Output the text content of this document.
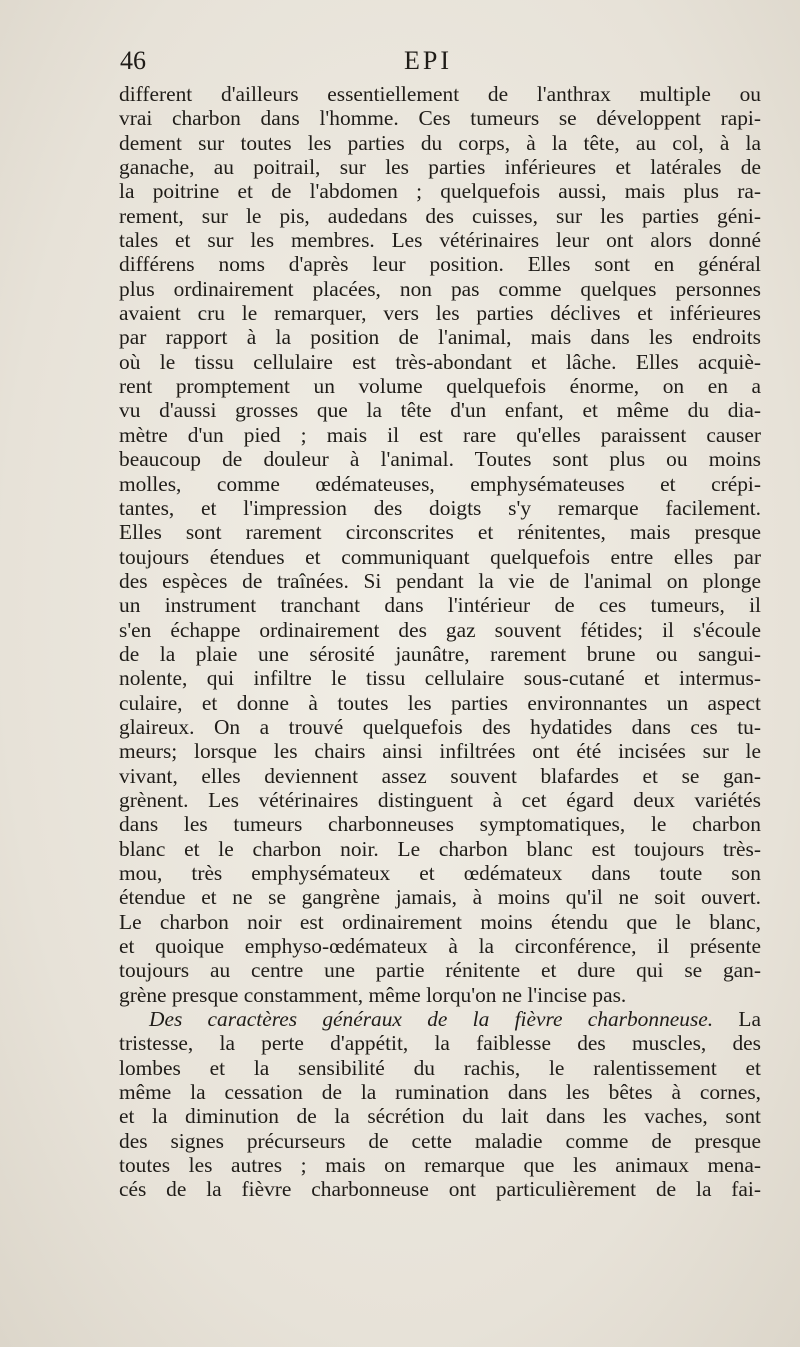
46	EPI
different d'ailleurs essentiellement de l'anthrax multiple ou
vrai charbon dans l'homme. Ces tumeurs se développent rapi-
dement sur toutes les parties du corps, à la tête, au col, à la
ganache, au poitrail, sur les parties inférieures et latérales de
la poitrine et de l'abdomen ; quelquefois aussi, mais plus ra-
rement, sur le pis, audedans des cuisses, sur les parties géni-
tales et sur les membres. Les vétérinaires leur ont alors donné
différens noms d'après leur position. Elles sont en général
plus ordinairement placées, non pas comme quelques personnes
avaient cru le remarquer, vers les parties déclives et inférieures
par rapport à la position de l'animal, mais dans les endroits
où le tissu cellulaire est très-abondant et lâche. Elles acquiè-
rent promptement un volume quelquefois énorme, on en a
vu d'aussi grosses que la tête d'un enfant, et même du dia-
mètre d'un pied ; mais il est rare qu'elles paraissent causer
beaucoup de douleur à l'animal. Toutes sont plus ou moins
molles, comme œdémateuses, emphysémateuses et crépi-
tantes, et l'impression des doigts s'y remarque facilement.
Elles sont rarement circonscrites et rénitentes, mais presque
toujours étendues et communiquant quelquefois entre elles par
des espèces de traînées. Si pendant la vie de l'animal on plonge
un instrument tranchant dans l'intérieur de ces tumeurs, il
s'en échappe ordinairement des gaz souvent fétides; il s'écoule
de la plaie une sérosité jaunâtre, rarement brune ou sangui-
nolente, qui infiltre le tissu cellulaire sous-cutané et intermus-
culaire, et donne à toutes les parties environnantes un aspect
glaireux. On a trouvé quelquefois des hydatides dans ces tu-
meurs; lorsque les chairs ainsi infiltrées ont été incisées sur le
vivant, elles deviennent assez souvent blafardes et se gan-
grènent. Les vétérinaires distinguent à cet égard deux variétés
dans les tumeurs charbonneuses symptomatiques, le charbon
blanc et le charbon noir. Le charbon blanc est toujours très-
mou, très emphysémateux et œdémateux dans toute son
étendue et ne se gangrène jamais, à moins qu'il ne soit ouvert.
Le charbon noir est ordinairement moins étendu que le blanc,
et quoique emphyso-œdémateux à la circonférence, il présente
toujours au centre une partie rénitente et dure qui se gan-
grène presque constamment, même lorqu'on ne l'incise pas.
Des caractères généraux de la fièvre charbonneuse. La
tristesse, la perte d'appétit, la faiblesse des muscles, des
lombes et la sensibilité du rachis, le ralentissement et
même la cessation de la rumination dans les bêtes à cornes,
et la diminution de la sécrétion du lait dans les vaches, sont
des signes précurseurs de cette maladie comme de presque
toutes les autres ; mais on remarque que les animaux mena-
cés de la fièvre charbonneuse ont particulièrement de la fai-
